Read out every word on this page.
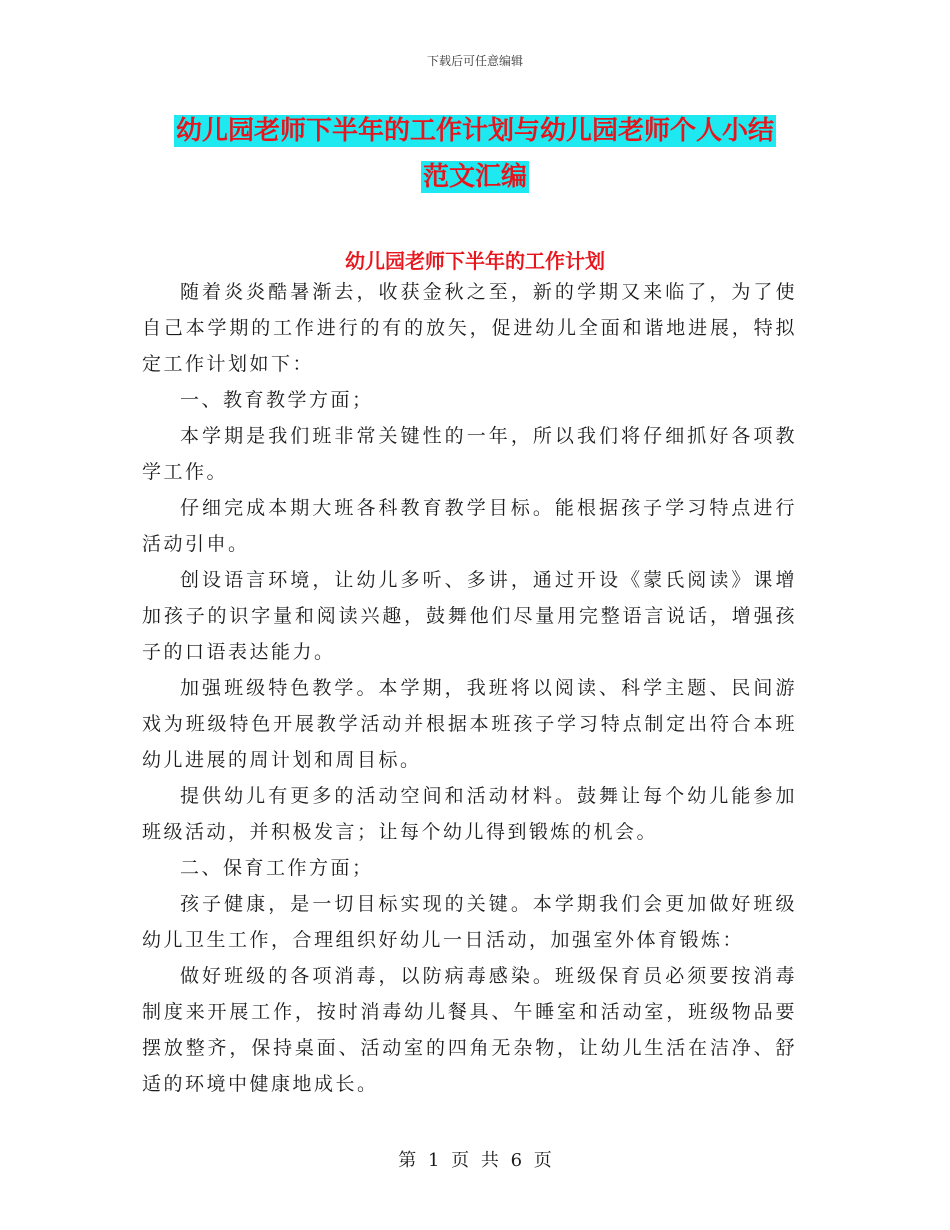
下载后可任意编辑
幼儿园老师下半年的工作计划与幼儿园老师个人小结
范文汇编
幼儿园老师下半年的工作计划

随着炎炎酷暑渐去，收获金秋之至，新的学期又来临了，为了使自己本学期的工作进行的有的放矢，促进幼儿全面和谐地进展，特拟定工作计划如下：

一、教育教学方面；

本学期是我们班非常关键性的一年，所以我们将仔细抓好各项教学工作。

仔细完成本期大班各科教育教学目标。能根据孩子学习特点进行活动引申。

创设语言环境，让幼儿多听、多讲，通过开设《蒙氏阅读》课增加孩子的识字量和阅读兴趣，鼓舞他们尽量用完整语言说话，增强孩子的口语表达能力。

加强班级特色教学。本学期，我班将以阅读、科学主题、民间游戏为班级特色开展教学活动并根据本班孩子学习特点制定出符合本班幼儿进展的周计划和周目标。

提供幼儿有更多的活动空间和活动材料。鼓舞让每个幼儿能参加班级活动，并积极发言；让每个幼儿得到锻炼的机会。

二、保育工作方面；

孩子健康，是一切目标实现的关键。本学期我们会更加做好班级幼儿卫生工作，合理组织好幼儿一日活动，加强室外体育锻炼：

做好班级的各项消毒，以防病毒感染。班级保育员必须要按消毒制度来开展工作，按时消毒幼儿餐具、午睡室和活动室，班级物品要摆放整齐，保持桌面、活动室的四角无杂物，让幼儿生活在洁净、舒适的环境中健康地成长。

第 1 页 共 6 页
